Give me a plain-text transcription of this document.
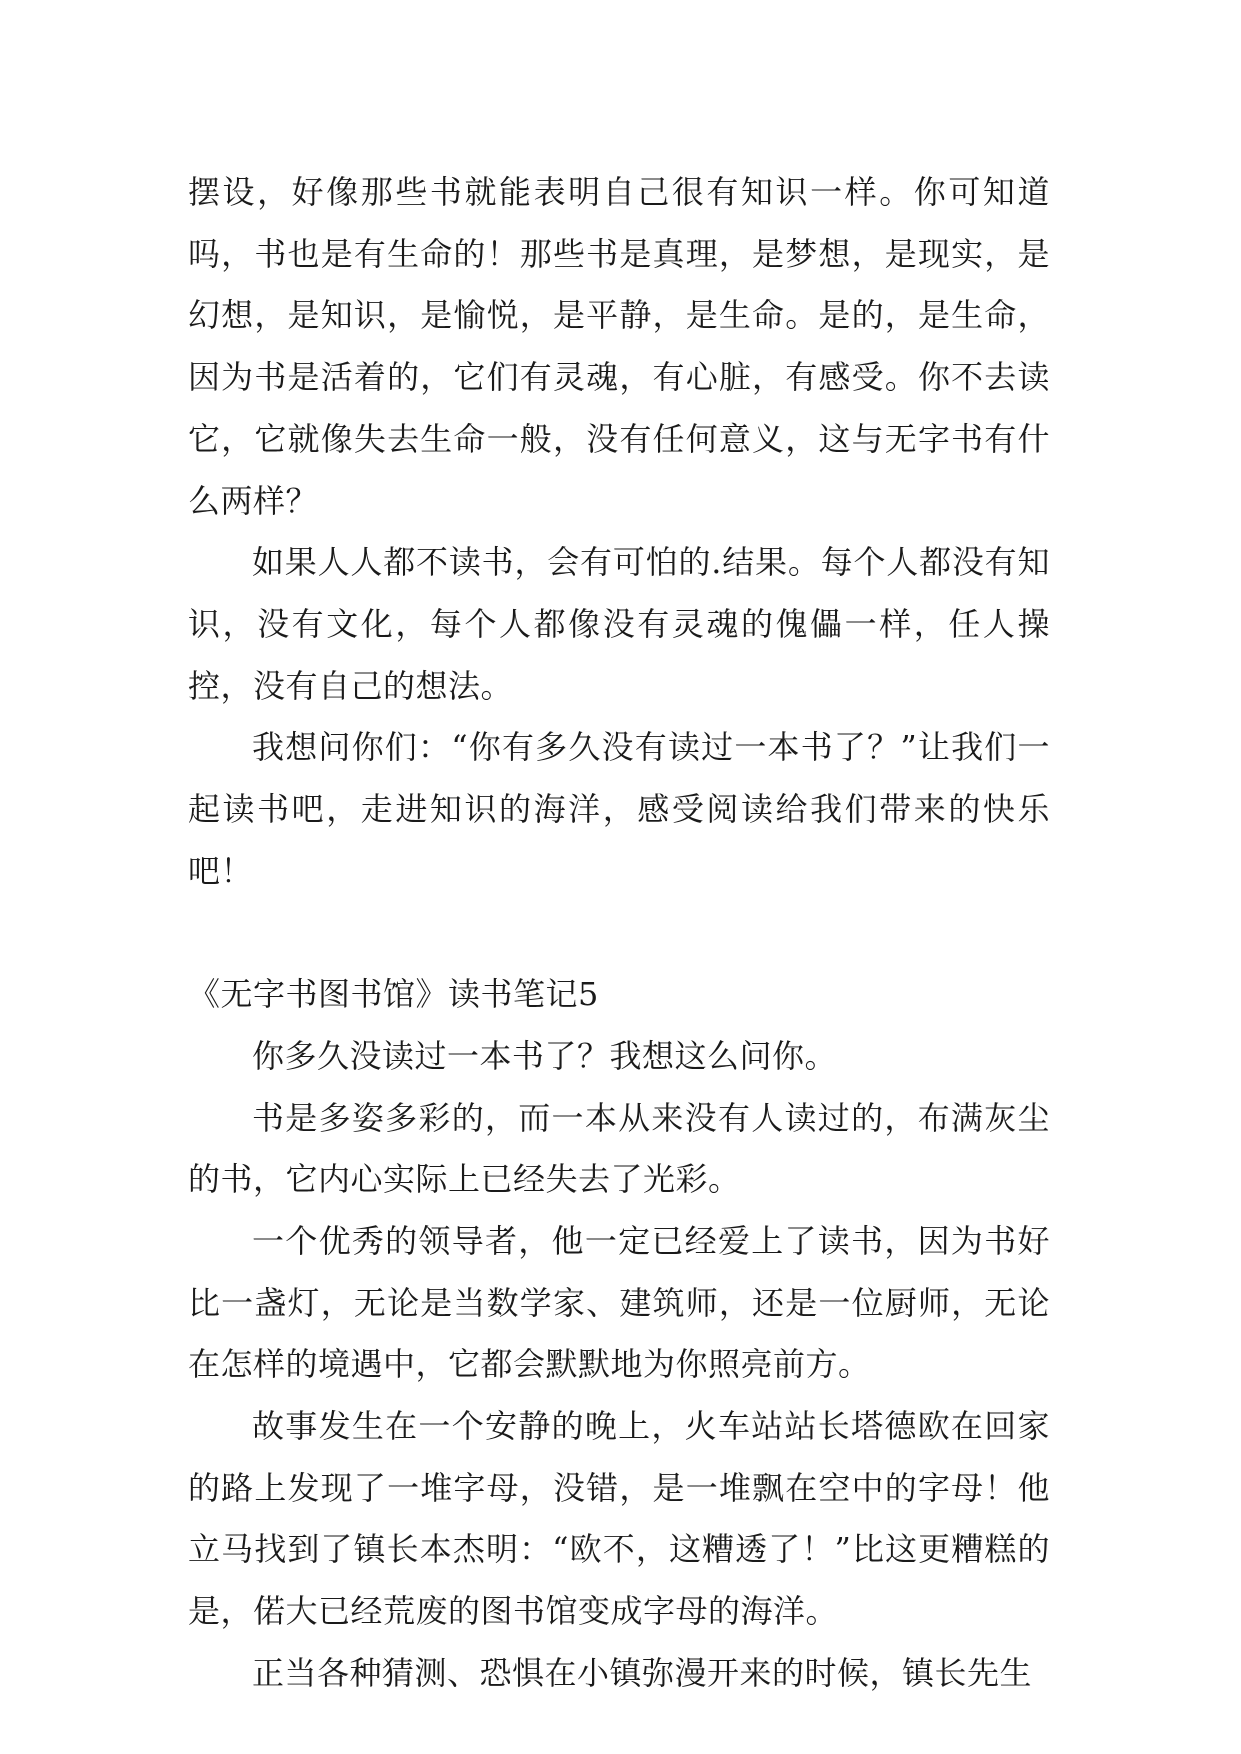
摆设，好像那些书就能表明自己很有知识一样。你可知道吗，书也是有生命的！那些书是真理，是梦想，是现实，是幻想，是知识，是愉悦，是平静，是生命。是的，是生命，因为书是活着的，它们有灵魂，有心脏，有感受。你不去读它，它就像失去生命一般，没有任何意义，这与无字书有什么两样？

如果人人都不读书，会有可怕的.结果。每个人都没有知识，没有文化，每个人都像没有灵魂的傀儡一样，任人操控，没有自己的想法。

我想问你们：“你有多久没有读过一本书了？”让我们一起读书吧，走进知识的海洋，感受阅读给我们带来的快乐吧！

《无字书图书馆》读书笔记5

你多久没读过一本书了？我想这么问你。

书是多姿多彩的，而一本从来没有人读过的，布满灰尘的书，它内心实际上已经失去了光彩。

一个优秀的领导者，他一定已经爱上了读书，因为书好比一盏灯，无论是当数学家、建筑师，还是一位厨师，无论在怎样的境遇中，它都会默默地为你照亮前方。

故事发生在一个安静的晚上，火车站站长塔德欧在回家的路上发现了一堆字母，没错，是一堆飘在空中的字母！他立马找到了镇长本杰明：“欧不，这糟透了！”比这更糟糕的是，偌大已经荒废的图书馆变成字母的海洋。

正当各种猜测、恐惧在小镇弥漫开来的时候，镇长先生
